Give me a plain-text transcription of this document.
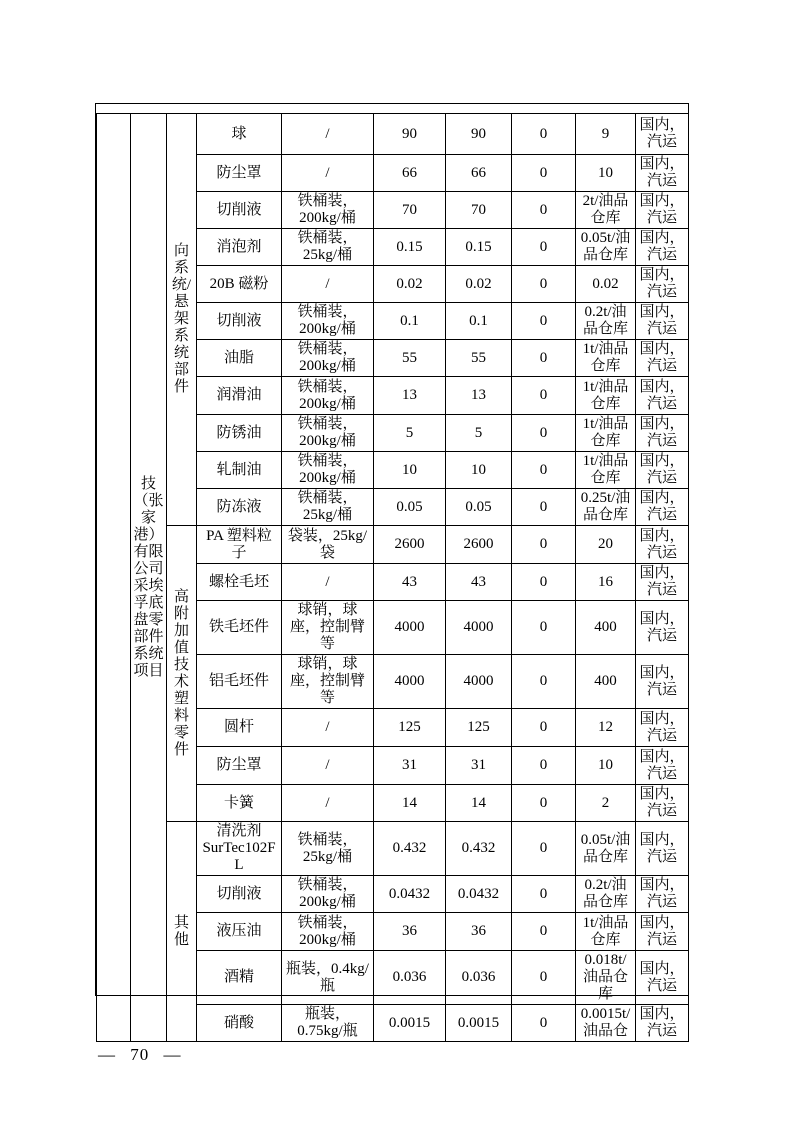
	技（张家港）有限公司采埃孚底盘零部件系统项目	向系统/悬架系统部件	球	/	90	90	0	9	国内，汽运
			防尘罩	/	66	66	0	10	国内，汽运
			切削液	铁桶装，200kg/桶	70	70	0	2t/油品仓库	国内，汽运
			消泡剂	铁桶装，25kg/桶	0.15	0.15	0	0.05t/油品仓库	国内，汽运
			20B 磁粉	/	0.02	0.02	0	0.02	国内，汽运
			切削液	铁桶装，200kg/桶	0.1	0.1	0	0.2t/油品仓库	国内，汽运
			油脂	铁桶装，200kg/桶	55	55	0	1t/油品仓库	国内，汽运
			润滑油	铁桶装，200kg/桶	13	13	0	1t/油品仓库	国内，汽运
			防锈油	铁桶装，200kg/桶	5	5	0	1t/油品仓库	国内，汽运
			轧制油	铁桶装，200kg/桶	10	10	0	1t/油品仓库	国内，汽运
			防冻液	铁桶装，25kg/桶	0.05	0.05	0	0.25t/油品仓库	国内，汽运
		高附加值技术塑料零件	PA 塑料粒子	袋装，25kg/袋	2600	2600	0	20	国内，汽运
			螺栓毛坯	/	43	43	0	16	国内，汽运
			铁毛坯件	球销，球座，控制臂等	4000	4000	0	400	国内，汽运
			铝毛坯件	球销，球座，控制臂等	4000	4000	0	400	国内，汽运
			圆杆	/	125	125	0	12	国内，汽运
			防尘罩	/	31	31	0	10	国内，汽运
			卡簧	/	14	14	0	2	国内，汽运
		其他	清洗剂SurTec102FL	铁桶装，25kg/桶	0.432	0.432	0	0.05t/油品仓库	国内，汽运
			切削液	铁桶装，200kg/桶	0.0432	0.0432	0	0.2t/油品仓库	国内，汽运
			液压油	铁桶装，200kg/桶	36	36	0	1t/油品仓库	国内，汽运
			酒精	瓶装，0.4kg/瓶	0.036	0.036	0	0.018t/油品仓库	国内，汽运
			硝酸	瓶装，0.75kg/瓶	0.0015	0.0015	0	0.0015t/油品仓	国内，汽运
— 70 —
